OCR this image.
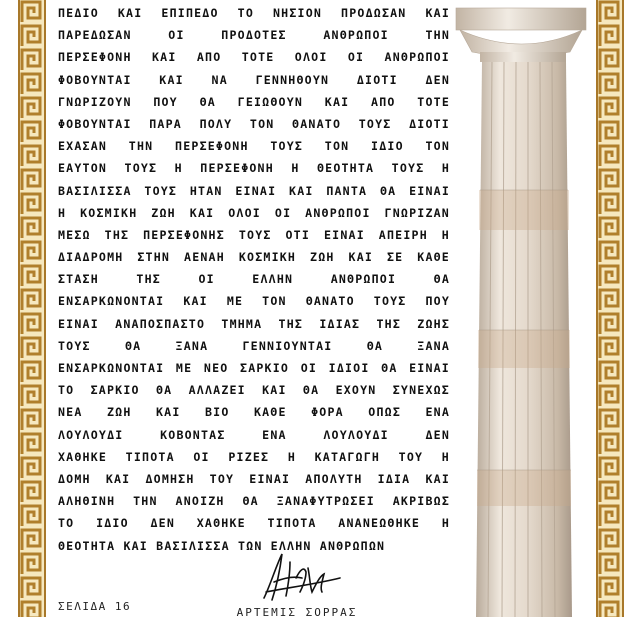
ΠΕΔΙΟ ΚΑΙ ΕΠΙΠΕΔΟ ΤΟ ΝΗΣΙΟΝ ΠΡΟΔΩΣΑΝ ΚΑΙ
ΠΑΡΕΔΩΣΑΝ ΟΙ ΠΡΟΔΟΤΕΣ ΑΝΘΡΩΠΟΙ ΤΗΝ
ΠΕΡΣΕΦΟΝΗ ΚΑΙ ΑΠΟ ΤΟΤΕ ΟΛΟΙ ΟΙ ΑΝΘΡΩΠΟΙ
ΦΟΒΟΥΝΤΑΙ ΚΑΙ ΝΑ ΓΕΝΝΗΘΟΥΝ ΔΙΟΤΙ ΔΕΝ
ΓΝΩΡΙΖΟΥΝ ΠΟΥ ΘΑ ΓΕΙΩΘΟΥΝ ΚΑΙ ΑΠΟ ΤΟΤΕ
ΦΟΒΟΥΝΤΑΙ ΠΑΡΑ ΠΟΛΥ ΤΟΝ ΘΑΝΑΤΟ ΤΟΥΣ ΔΙΟΤΙ
ΕΧΑΣΑΝ ΤΗΝ ΠΕΡΣΕΦΟΝΗ ΤΟΥΣ ΤΟΝ ΙΔΙΟ ΤΟΝ
ΕΑΥΤΟΝ ΤΟΥΣ Η ΠΕΡΣΕΦΟΝΗ Η ΘΕΟΤΗΤΑ ΤΟΥΣ Η
ΒΑΣΙΛΙΣΣΑ ΤΟΥΣ ΗΤΑΝ ΕΙΝΑΙ ΚΑΙ ΠΑΝΤΑ ΘΑ ΕΙΝΑΙ
Η ΚΟΣΜΙΚΗ ΖΩΗ ΚΑΙ ΟΛΟΙ ΟΙ ΑΝΘΡΩΠΟΙ ΓΝΩΡΙΖΑΝ
ΜΕΣΩ ΤΗΣ ΠΕΡΣΕΦΟΝΗΣ ΤΟΥΣ ΟΤΙ ΕΙΝΑΙ ΑΠΕΙΡΗ Η
ΔΙΑΔΡΟΜΗ ΣΤΗΝ ΑΕΝΑΗ ΚΟΣΜΙΚΗ ΖΩΗ ΚΑΙ ΣΕ ΚΑΘΕ
ΣΤΑΣΗ ΤΗΣ ΟΙ ΕΛΛΗΝ ΑΝΘΡΩΠΟΙ ΘΑ
ΕΝΣΑΡΚΩΝΟΝΤΑΙ ΚΑΙ ΜΕ ΤΟΝ ΘΑΝΑΤΟ ΤΟΥΣ ΠΟΥ
ΕΙΝΑΙ ΑΝΑΠΟΣΠΑΣΤΟ ΤΜΗΜΑ ΤΗΣ ΙΔΙΑΣ ΤΗΣ ΖΩΗΣ
ΤΟΥΣ ΘΑ ΞΑΝΑ ΓΕΝΝΙΟΥΝΤΑΙ ΘΑ ΞΑΝΑ
ΕΝΣΑΡΚΩΝΟΝΤΑΙ ΜΕ ΝΕΟ ΣΑΡΚΙΟ ΟΙ ΙΔΙΟΙ ΘΑ ΕΙΝΑΙ
ΤΟ ΣΑΡΚΙΟ ΘΑ ΑΛΛΑΖΕΙ ΚΑΙ ΘΑ ΕΧΟΥΝ ΣΥΝΕΧΩΣ
ΝΕΑ ΖΩΗ ΚΑΙ ΒΙΟ ΚΑΘΕ ΦΟΡΑ ΟΠΩΣ ΕΝΑ
ΛΟΥΛΟΥΔΙ ΚΟΒΟΝΤΑΣ ΕΝΑ ΛΟΥΛΟΥΔΙ ΔΕΝ
ΧΑΘΗΚΕ ΤΙΠΟΤΑ ΟΙ ΡΙΖΕΣ Η ΚΑΤΑΓΩΓΗ ΤΟΥ Η
ΔΟΜΗ ΚΑΙ ΔΟΜΗΣΗ ΤΟΥ ΕΙΝΑΙ ΑΠΟΛΥΤΗ ΙΔΙΑ ΚΑΙ
ΑΛΗΘΙΝΗ ΤΗΝ ΑΝΟΙΖΗ ΘΑ ΞΑΝΑΦΥΤΡΩΣΕΙ ΑΚΡΙΒΩΣ
ΤΟ ΙΔΙΟ ΔΕΝ ΧΑΘΗΚΕ ΤΙΠΟΤΑ ΑΝΑΝΕΩΘΗΚΕ Η
ΘΕΟΤΗΤΑ ΚΑΙ ΒΑΣΙΛΙΣΣΑ ΤΩΝ ΕΛΛΗΝ ΑΝΘΡΩΠΩΝ
ΣΕΛΙΔΑ 16	ΑΡΤΕΜΙΣ ΣΟΡΡΑΣ
